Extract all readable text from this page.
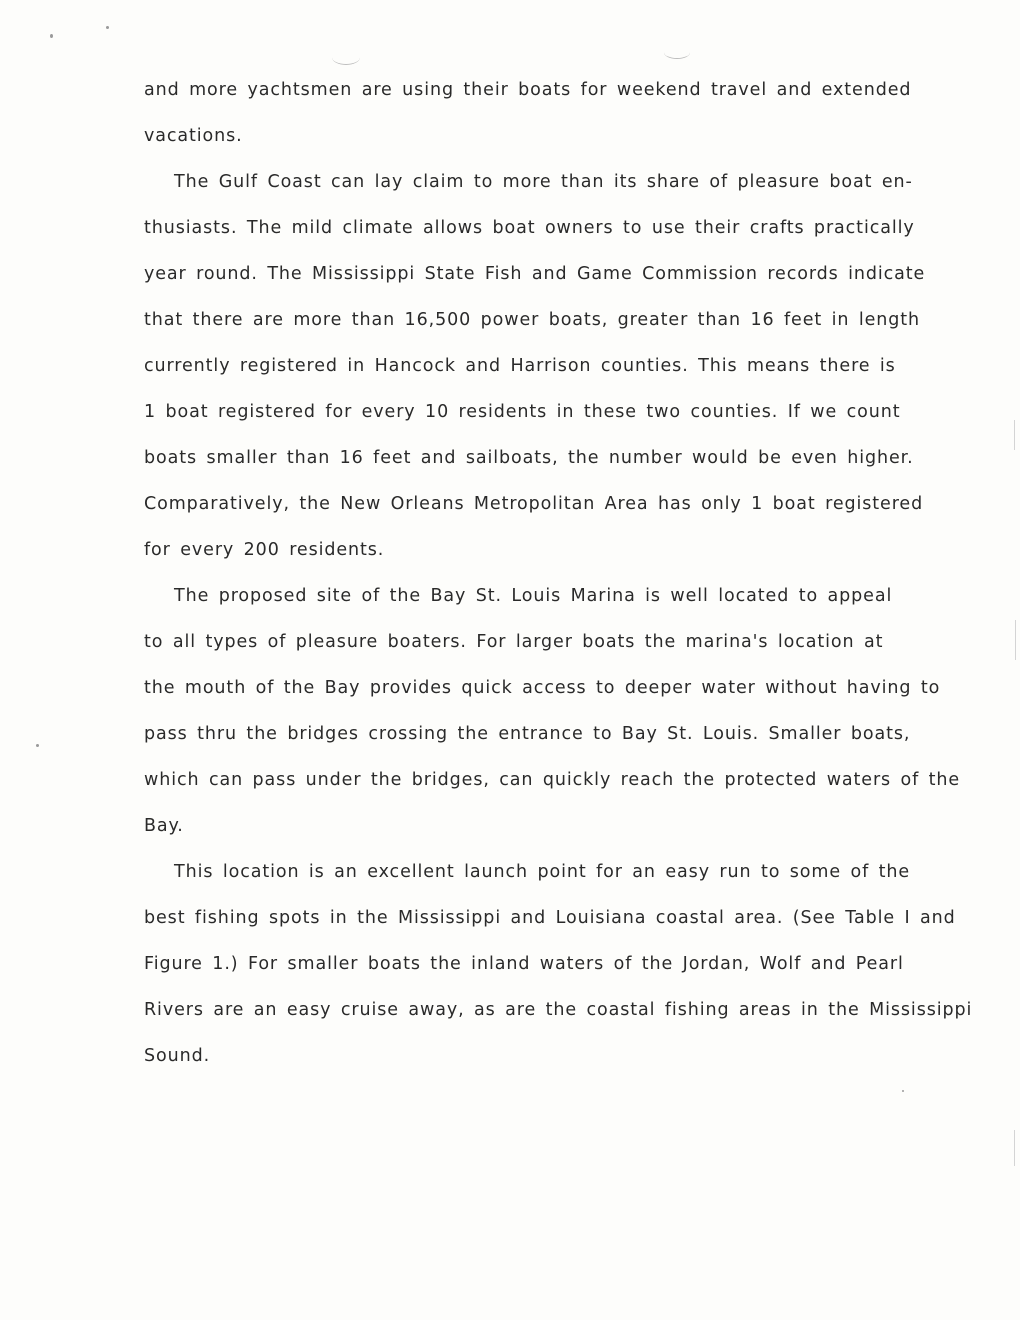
and more yachtsmen are using their boats for weekend travel and extended
vacations.
The Gulf Coast can lay claim to more than its share of pleasure boat en-
thusiasts. The mild climate allows boat owners to use their crafts practically
year round. The Mississippi State Fish and Game Commission records indicate
that there are more than 16,500 power boats, greater than 16 feet in length
currently registered in Hancock and Harrison counties. This means there is
1 boat registered for every 10 residents in these two counties. If we count
boats smaller than 16 feet and sailboats, the number would be even higher.
Comparatively, the New Orleans Metropolitan Area has only 1 boat registered
for every 200 residents.
The proposed site of the Bay St. Louis Marina is well located to appeal
to all types of pleasure boaters. For larger boats the marina's location at
the mouth of the Bay provides quick access to deeper water without having to
pass thru the bridges crossing the entrance to Bay St. Louis. Smaller boats,
which can pass under the bridges, can quickly reach the protected waters of the
Bay.
This location is an excellent launch point for an easy run to some of the
best fishing spots in the Mississippi and Louisiana coastal area. (See Table I and
Figure 1.) For smaller boats the inland waters of the Jordan, Wolf and Pearl
Rivers are an easy cruise away, as are the coastal fishing areas in the Mississippi
Sound.
